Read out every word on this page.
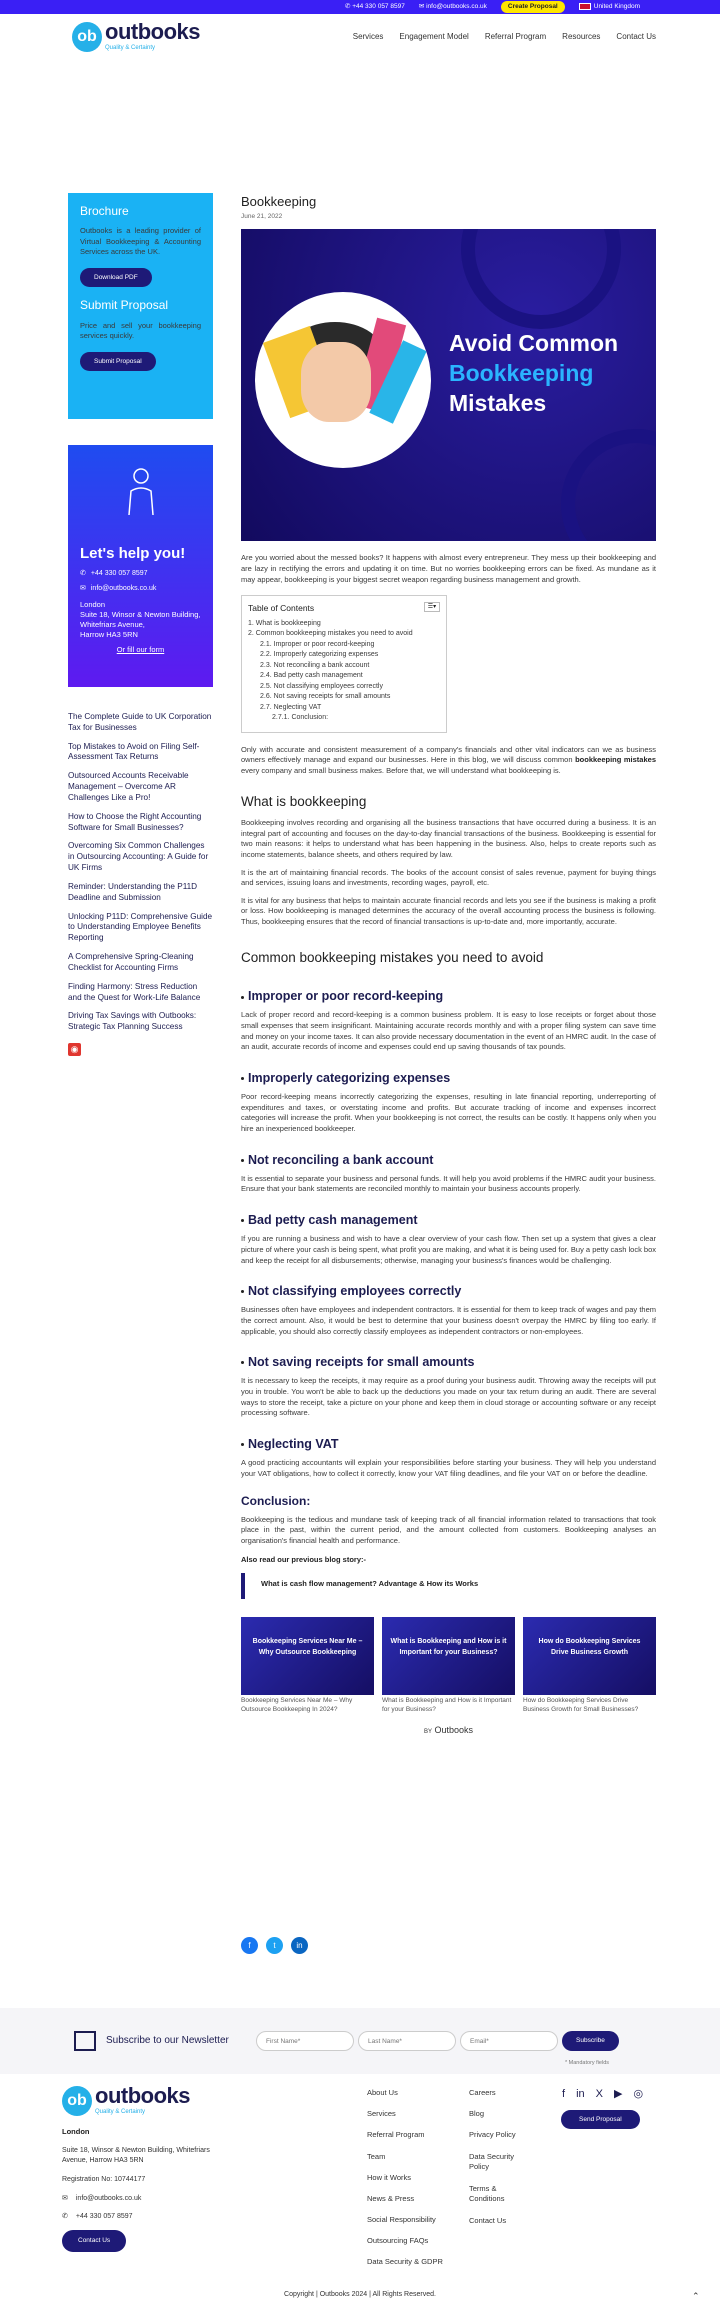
✆ +44 330 057 8597 ✉ info@outbooks.co.uk	Create Proposal	United Kingdom
ob outbooks
Quality & Certainty
Services Engagement Model Referral Program Resources Contact Us
Brochure

Outbooks is a leading provider of Virtual Bookkeeping & Accounting Services across the UK.

Download PDF
Submit Proposal

Price and sell your bookkeeping services quickly.

Submit Proposal
Let's help you!
✆ +44 330 057 8597
✉ info@outbooks.co.uk
London
Suite 18, Winsor & Newton Building,
Whitefriars Avenue,
Harrow HA3 5RN
Or fill our form
The Complete Guide to UK Corporation Tax for Businesses
Top Mistakes to Avoid on Filing Self-Assessment Tax Returns
Outsourced Accounts Receivable Management – Overcome AR Challenges Like a Pro!
How to Choose the Right Accounting Software for Small Businesses?
Overcoming Six Common Challenges in Outsourcing Accounting: A Guide for UK Firms
Reminder: Understanding the P11D Deadline and Submission
Unlocking P11D: Comprehensive Guide to Understanding Employee Benefits Reporting
A Comprehensive Spring-Cleaning Checklist for Accounting Firms
Finding Harmony: Stress Reduction and the Quest for Work-Life Balance
Driving Tax Savings with Outbooks: Strategic Tax Planning Success
◉
Bookkeeping
June 21, 2022
Avoid Common
Bookkeeping
Mistakes

Are you worried about the messed books? It happens with almost every entrepreneur. They mess up their bookkeeping and are lazy in rectifying the errors and updating it on time. But no worries bookkeeping errors can be fixed. As mundane as it may appear, bookkeeping is your biggest secret weapon regarding business management and growth.

Table of Contents	☰▾
1. What is bookkeeping
2. Common bookkeeping mistakes you need to avoid
2.1. Improper or poor record-keeping
2.2. Improperly categorizing expenses
2.3. Not reconciling a bank account
2.4. Bad petty cash management
2.5. Not classifying employees correctly
2.6. Not saving receipts for small amounts
2.7. Neglecting VAT
2.7.1. Conclusion:

Only with accurate and consistent measurement of a company's financials and other vital indicators can we as business owners effectively manage and expand our businesses. Here in this blog, we will discuss common bookkeeping mistakes every company and small business makes. Before that, we will understand what bookkeeping is.

What is bookkeeping

Bookkeeping involves recording and organising all the business transactions that have occurred during a business. It is an integral part of accounting and focuses on the day-to-day financial transactions of the business. Bookkeeping is essential for two main reasons: it helps to understand what has been happening in the business. Also, helps to create reports such as income statements, balance sheets, and others required by law.

It is the art of maintaining financial records. The books of the account consist of sales revenue, payment for buying things and services, issuing loans and investments, recording wages, payroll, etc.

It is vital for any business that helps to maintain accurate financial records and lets you see if the business is making a profit or loss. How bookkeeping is managed determines the accuracy of the overall accounting process the business is following. Thus, bookkeeping ensures that the record of financial transactions is up-to-date and, more importantly, accurate.

Common bookkeeping mistakes you need to avoid
Improper or poor record-keeping

Lack of proper record and record-keeping is a common business problem. It is easy to lose receipts or forget about those small expenses that seem insignificant. Maintaining accurate records monthly and with a proper filing system can save time and money on your income taxes. It can also provide necessary documentation in the event of an HMRC audit. In the case of an audit, accurate records of income and expenses could end up saving thousands of tax pounds.

Improperly categorizing expenses

Poor record-keeping means incorrectly categorizing the expenses, resulting in late financial reporting, underreporting of expenditures and taxes, or overstating income and profits. But accurate tracking of income and expenses incorrect categories will increase the profit. When your bookkeeping is not correct, the results can be costly. It happens only when you hire an inexperienced bookkeeper.

Not reconciling a bank account

It is essential to separate your business and personal funds. It will help you avoid problems if the HMRC audit your business. Ensure that your bank statements are reconciled monthly to maintain your business accounts properly.

Bad petty cash management

If you are running a business and wish to have a clear overview of your cash flow. Then set up a system that gives a clear picture of where your cash is being spent, what profit you are making, and what it is being used for. Buy a petty cash lock box and keep the receipt for all disbursements; otherwise, managing your business's finances would be challenging.

Not classifying employees correctly

Businesses often have employees and independent contractors. It is essential for them to keep track of wages and pay them the correct amount. Also, it would be best to determine that your business doesn't overpay the HMRC by filing too early. If applicable, you should also correctly classify employees as independent contractors or non-employees.

Not saving receipts for small amounts

It is necessary to keep the receipts, it may require as a proof during your business audit. Throwing away the receipts will put you in trouble. You won't be able to back up the deductions you made on your tax return during an audit. There are several ways to store the receipt, take a picture on your phone and keep them in cloud storage or accounting software or any receipt processing software.

Neglecting VAT

A good practicing accountants will explain your responsibilities before starting your business. They will help you understand your VAT obligations, how to collect it correctly, know your VAT filing deadlines, and file your VAT on or before the deadline.

Conclusion:

Bookkeeping is the tedious and mundane task of keeping track of all financial information related to transactions that took place in the past, within the current period, and the amount collected from customers. Bookkeeping analyses an organisation's financial health and performance.

Also read our previous blog story:-
What is cash flow management? Advantage & How its Works
Bookkeeping Services Near Me – Why Outsource Bookkeeping
Bookkeeping Services Near Me – Why Outsource Bookkeeping In 2024?
What is Bookkeeping and How is it Important for your Business?
What is Bookkeeping and How is it Important for your Business?
How do Bookkeeping Services Drive Business Growth
How do Bookkeeping Services Drive Business Growth for Small Businesses?
BY Outbooks
f	t	in
Subscribe to our Newsletter
First Name*
Last Name*
Email*	Subscribe
* Mandatory fields
ob outbooks
Quality & Certainty
London
Suite 18, Winsor & Newton Building, Whitefriars Avenue, Harrow HA3 5RN
Registration No: 10744177
✉ info@outbooks.co.uk
✆ +44 330 057 8597
Contact Us
About Us
Services
Referral Program
Team
How it Works
News & Press
Social Responsibility
Outsourcing FAQs
Data Security & GDPR
Careers
Blog
Privacy Policy
Data Security Policy
Terms & Conditions
Contact Us
f in X ▶ ◎
Send Proposal
Copyright | Outbooks 2024 | All Rights Reserved.	⌃
